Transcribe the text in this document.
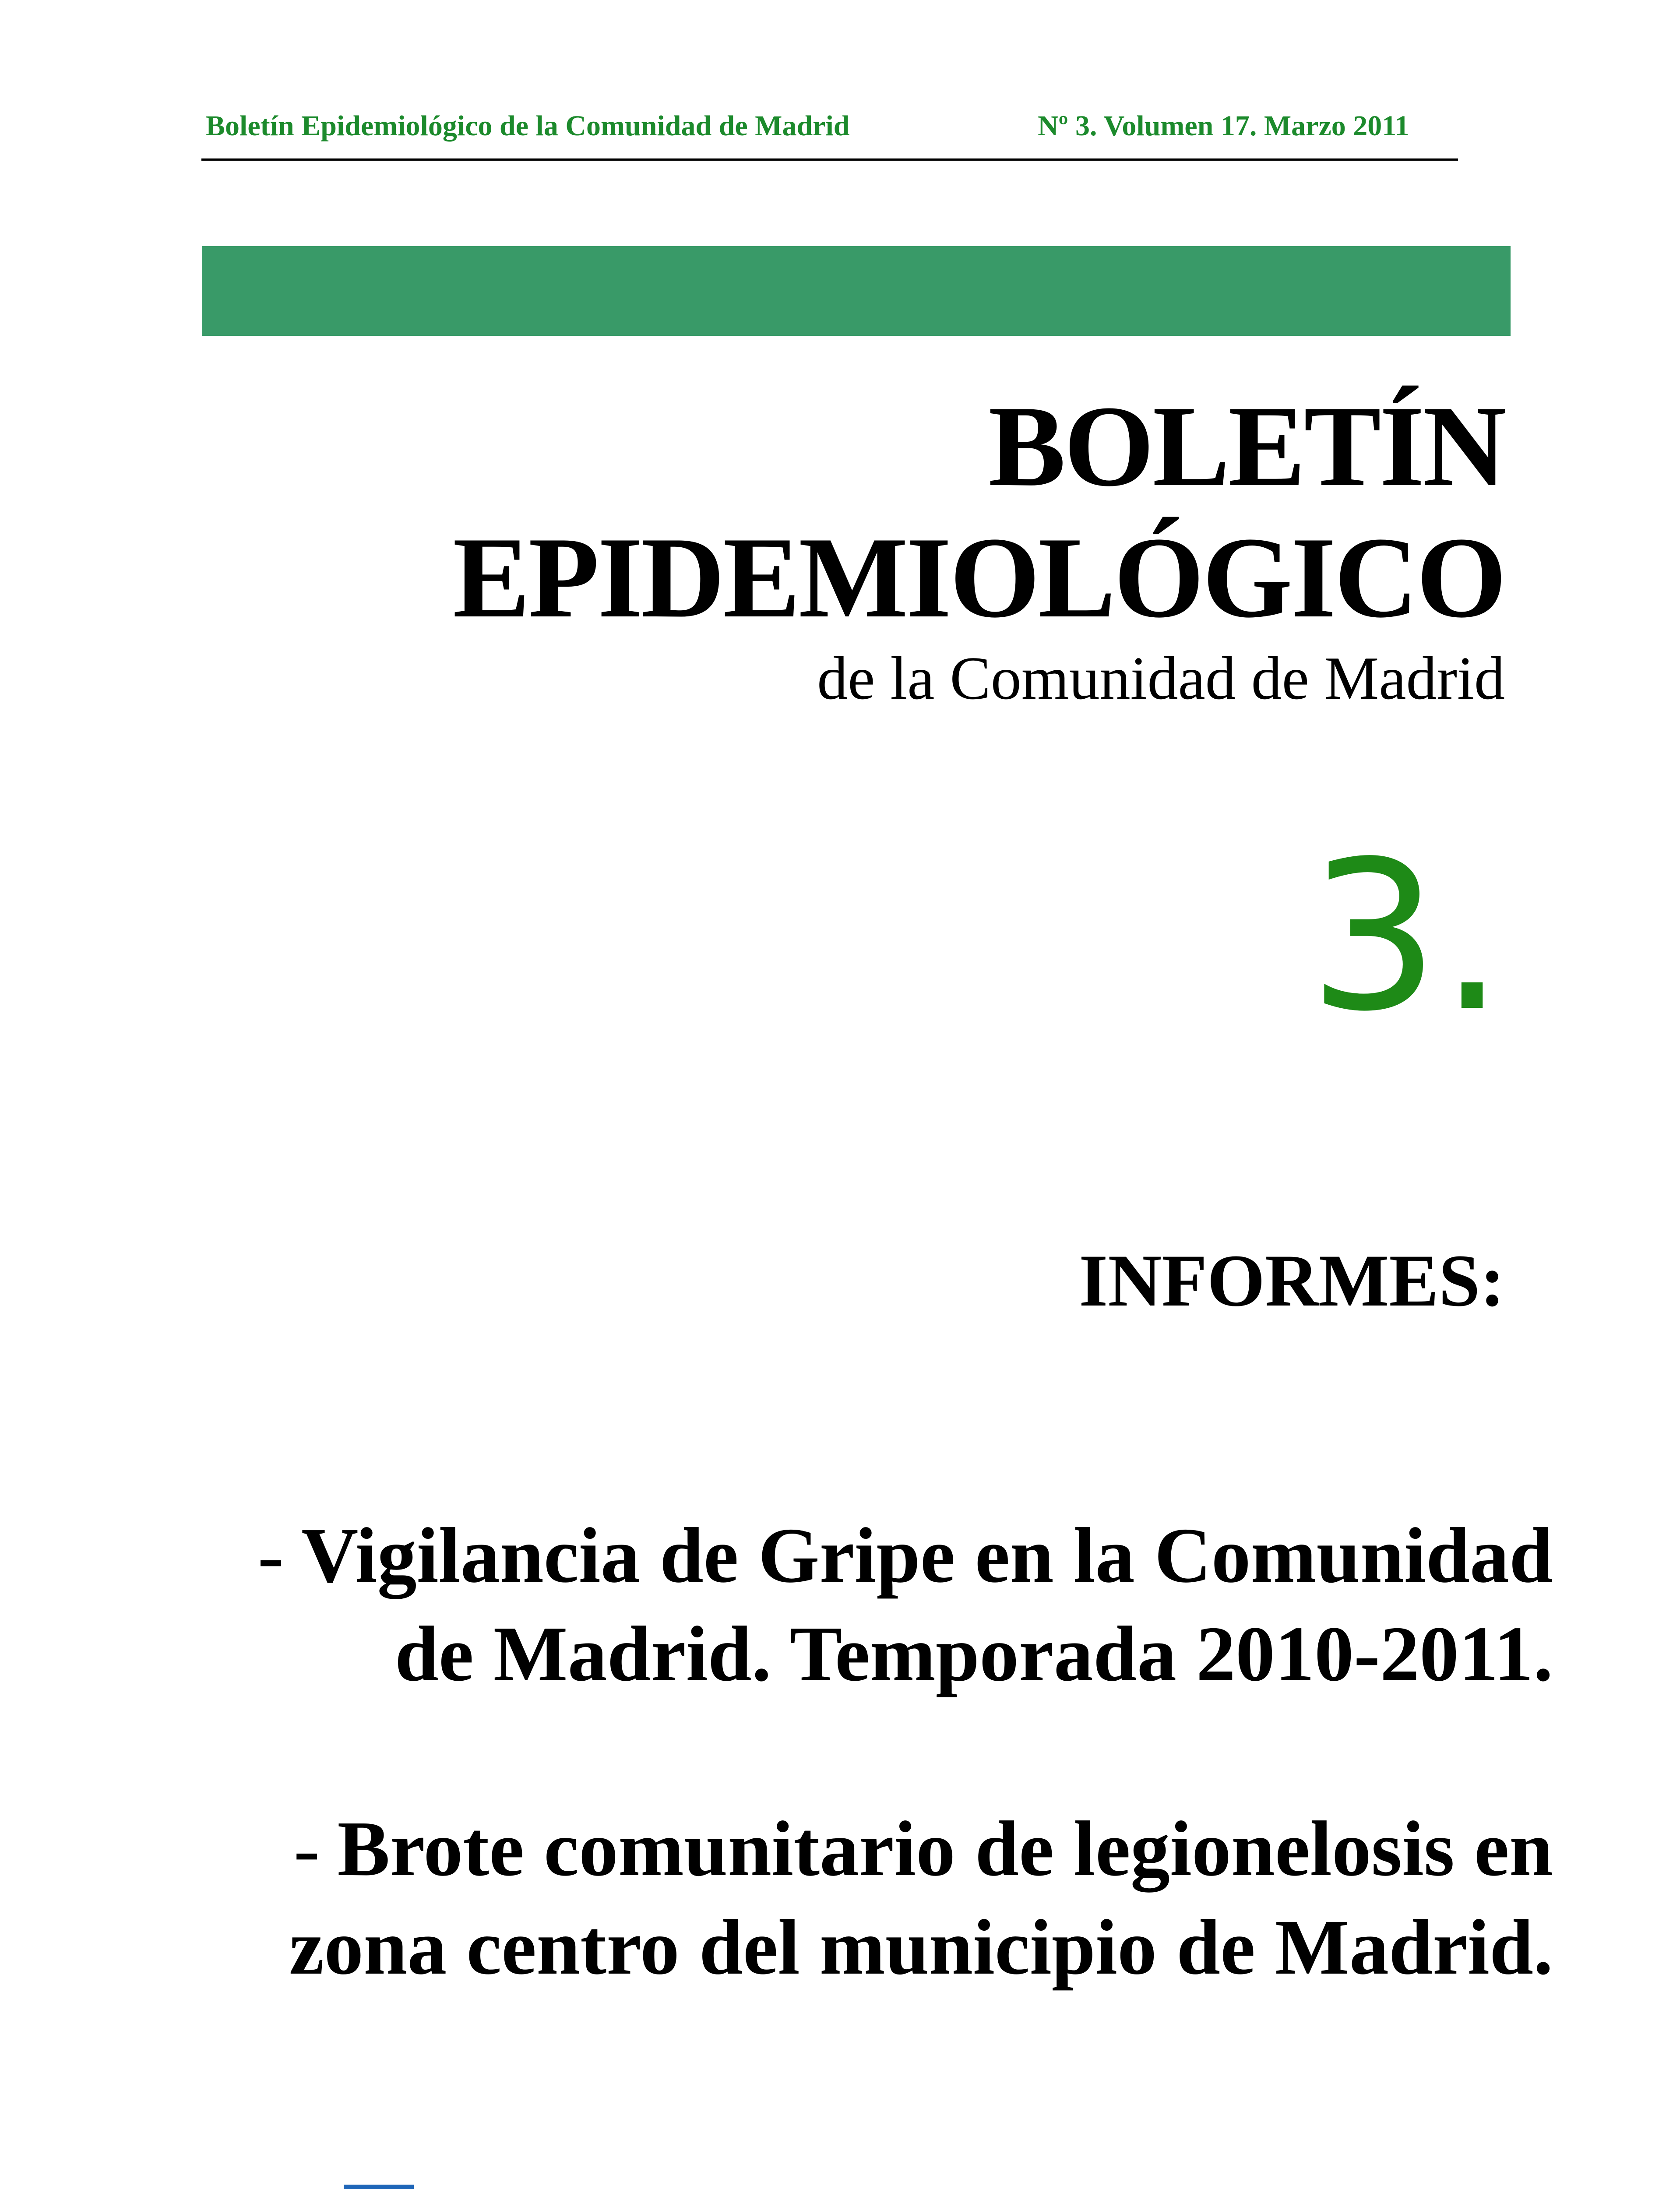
Boletín Epidemiológico de la Comunidad de Madrid	Nº 3. Volumen 17. Marzo 2011
BOLETÍN
EPIDEMIOLÓGICO
de la Comunidad de Madrid
3.
INFORMES:
- Vigilancia de Gripe en la Comunidad
de Madrid. Temporada 2010-2011.
- Brote comunitario de legionelosis en
zona centro del municipio de Madrid.
